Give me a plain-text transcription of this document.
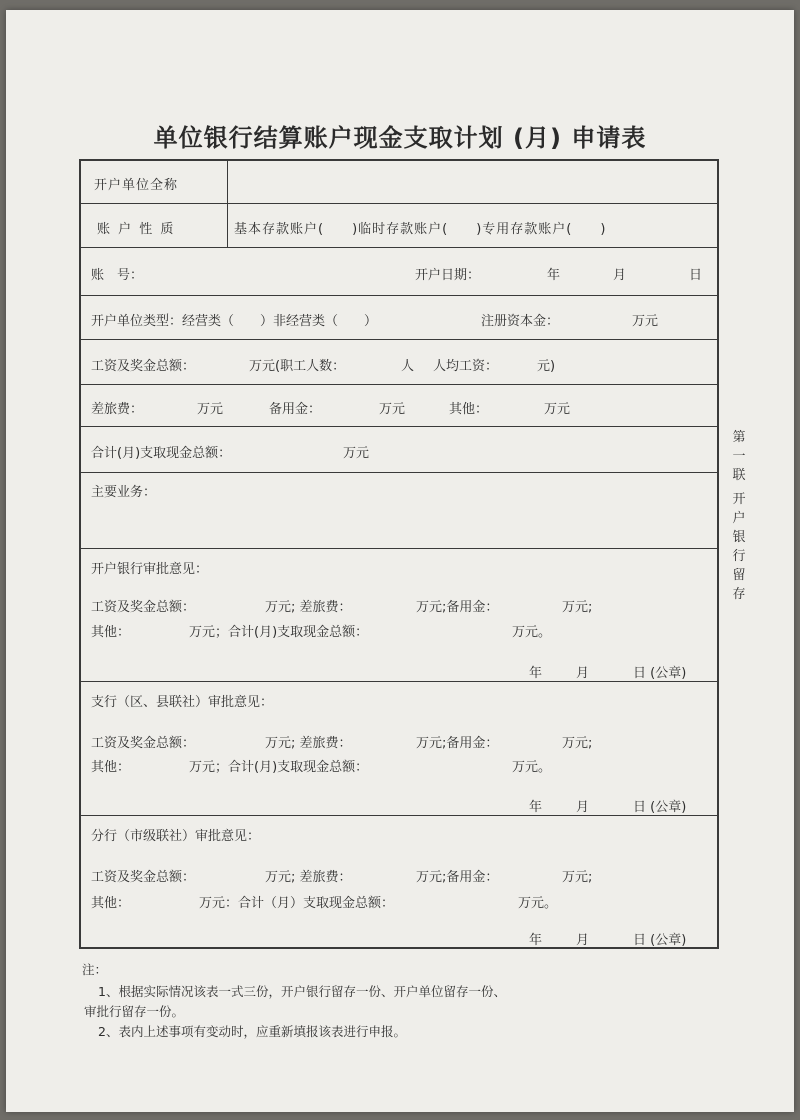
单位银行结算账户现金支取计划 (月) 申请表
开户单位全称
账 户 性 质	基本存款账户(　　)临时存款账户(　　)专用存款账户(　　)
账　号：	开户日期：	年	月	日
开户单位类型：经营类（　　）非经营类（　　）	注册资本金：	万元
工资及奖金总额：	万元(职工人数：	人 人均工资：	元)
差旅费：	万元	备用金：	万元	其他：	万元
合计(月)支取现金总额：	万元
主要业务：
开户银行审批意见：
工资及奖金总额：	万元; 差旅费：	万元;备用金：	万元;
其他：	万元；合计(月)支取现金总额：	万元。
年	月	日 (公章)
支行（区、县联社）审批意见：
工资及奖金总额：	万元; 差旅费：	万元;备用金：	万元;
其他：	万元；合计(月)支取现金总额：	万元。
年	月	日 (公章)
分行（市级联社）审批意见：
工资及奖金总额：	万元; 差旅费：	万元;备用金：	万元;
其他：	万元：合计（月）支取现金总额：	万元。
年	月	日 (公章)
第一联
开户银行留存
注：
1、根据实际情况该表一式三份，开户银行留存一份、开户单位留存一份、
审批行留存一份。
2、表内上述事项有变动时，应重新填报该表进行申报。
